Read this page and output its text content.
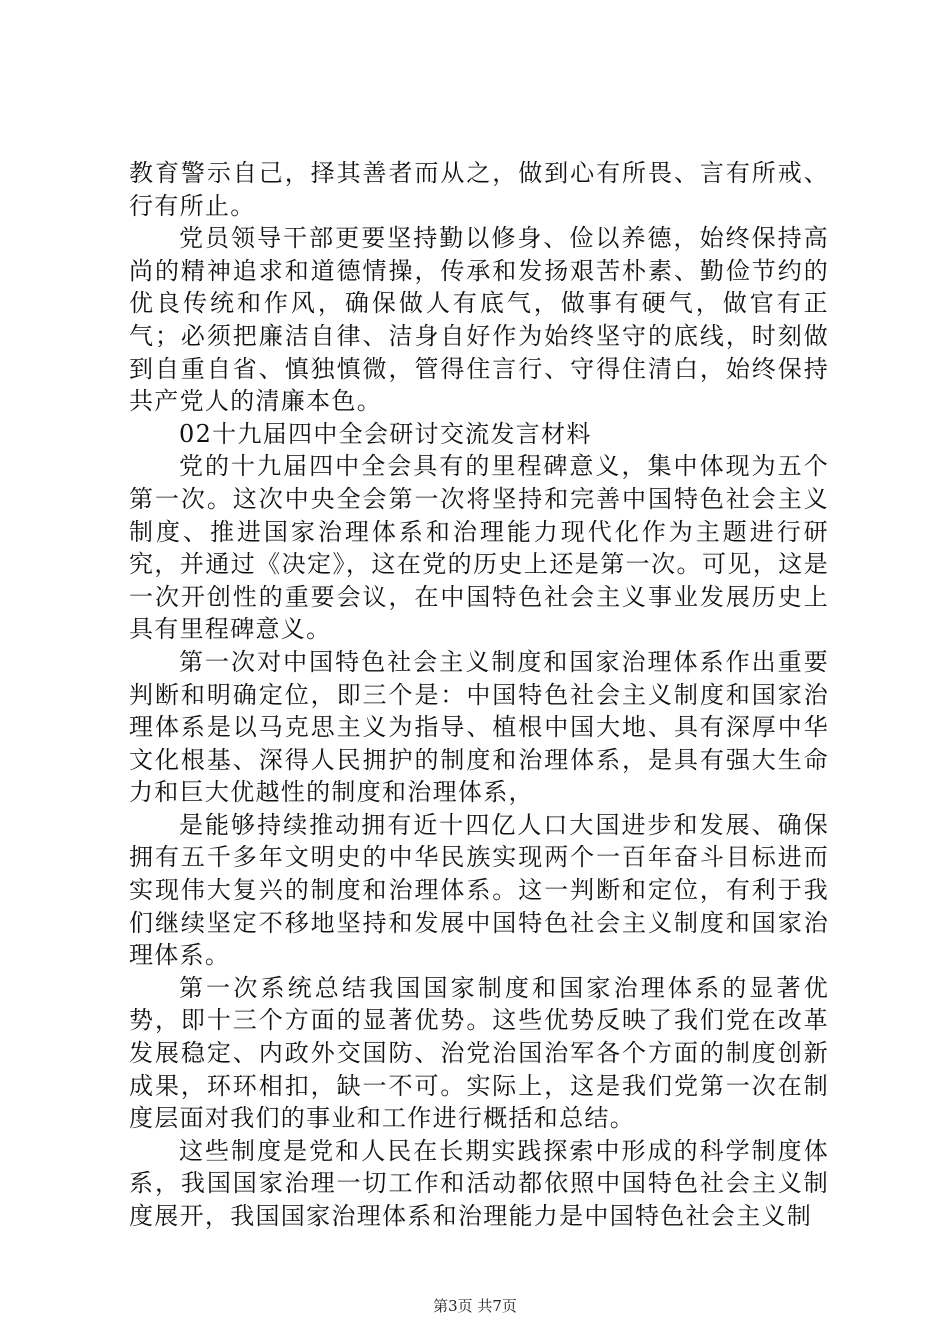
教育警示自己，择其善者而从之，做到心有所畏、言有所戒、行有所止。

党员领导干部更要坚持勤以修身、俭以养德，始终保持高尚的精神追求和道德情操，传承和发扬艰苦朴素、勤俭节约的优良传统和作风，确保做人有底气，做事有硬气，做官有正气；必须把廉洁自律、洁身自好作为始终坚守的底线，时刻做到自重自省、慎独慎微，管得住言行、守得住清白，始终保持共产党人的清廉本色。

02十九届四中全会研讨交流发言材料

党的十九届四中全会具有的里程碑意义，集中体现为五个第一次。这次中央全会第一次将坚持和完善中国特色社会主义制度、推进国家治理体系和治理能力现代化作为主题进行研究，并通过《决定》，这在党的历史上还是第一次。可见，这是一次开创性的重要会议，在中国特色社会主义事业发展历史上具有里程碑意义。

第一次对中国特色社会主义制度和国家治理体系作出重要判断和明确定位，即三个是：中国特色社会主义制度和国家治理体系是以马克思主义为指导、植根中国大地、具有深厚中华文化根基、深得人民拥护的制度和治理体系，是具有强大生命力和巨大优越性的制度和治理体系，

是能够持续推动拥有近十四亿人口大国进步和发展、确保拥有五千多年文明史的中华民族实现两个一百年奋斗目标进而实现伟大复兴的制度和治理体系。这一判断和定位，有利于我们继续坚定不移地坚持和发展中国特色社会主义制度和国家治理体系。

第一次系统总结我国国家制度和国家治理体系的显著优势，即十三个方面的显著优势。这些优势反映了我们党在改革发展稳定、内政外交国防、治党治国治军各个方面的制度创新成果，环环相扣，缺一不可。实际上，这是我们党第一次在制度层面对我们的事业和工作进行概括和总结。

这些制度是党和人民在长期实践探索中形成的科学制度体系，我国国家治理一切工作和活动都依照中国特色社会主义制度展开，我国国家治理体系和治理能力是中国特色社会主义制

第3页 共7页
